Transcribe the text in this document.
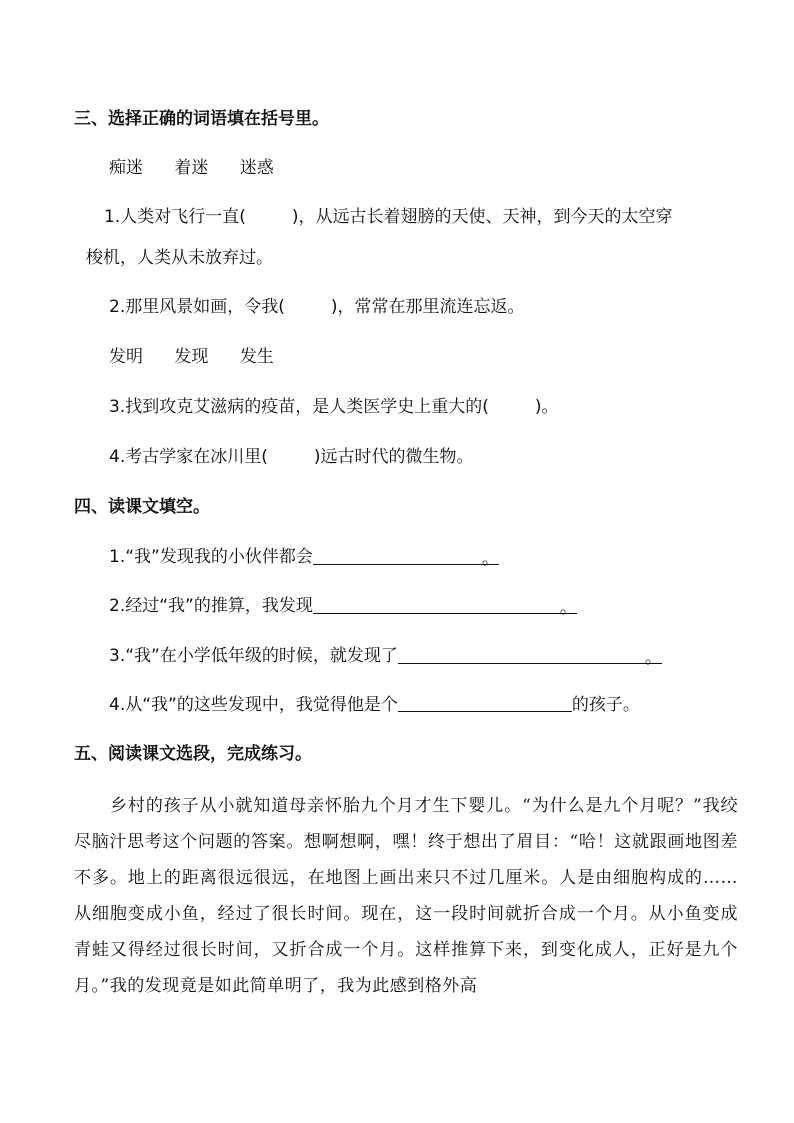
三、选择正确的词语填在括号里。
痴迷 着迷 迷惑
1.人类对飞行一直(	)，从远古长着翅膀的天使、天神，到今天的太空穿
梭机，人类从未放弃过。
2.那里风景如画，令我(	)，常常在那里流连忘返。
发明 发现 发生
3.找到攻克艾滋病的疫苗，是人类医学史上重大的(	)。
4.考古学家在冰川里(	)远古时代的微生物。
四、读课文填空。
1.“我”发现我的小伙伴都会	。
2.经过“我”的推算，我发现	。
3.“我”在小学低年级的时候，就发现了	。
4.从“我”的这些发现中，我觉得他是个	的孩子。
五、阅读课文选段，完成练习。
乡村的孩子从小就知道母亲怀胎九个月才生下婴儿。“为什么是九个月呢？”我绞尽脑汁思考这个问题的答案。想啊想啊，嘿！终于想出了眉目：“哈！这就跟画地图差不多。地上的距离很远很远，在地图上画出来只不过几厘米。人是由细胞构成的……从细胞变成小鱼，经过了很长时间。现在，这一段时间就折合成一个月。从小鱼变成青蛙又得经过很长时间，又折合成一个月。这样推算下来，到变化成人，正好是九个月。”我的发现竟是如此简单明了，我为此感到格外高
